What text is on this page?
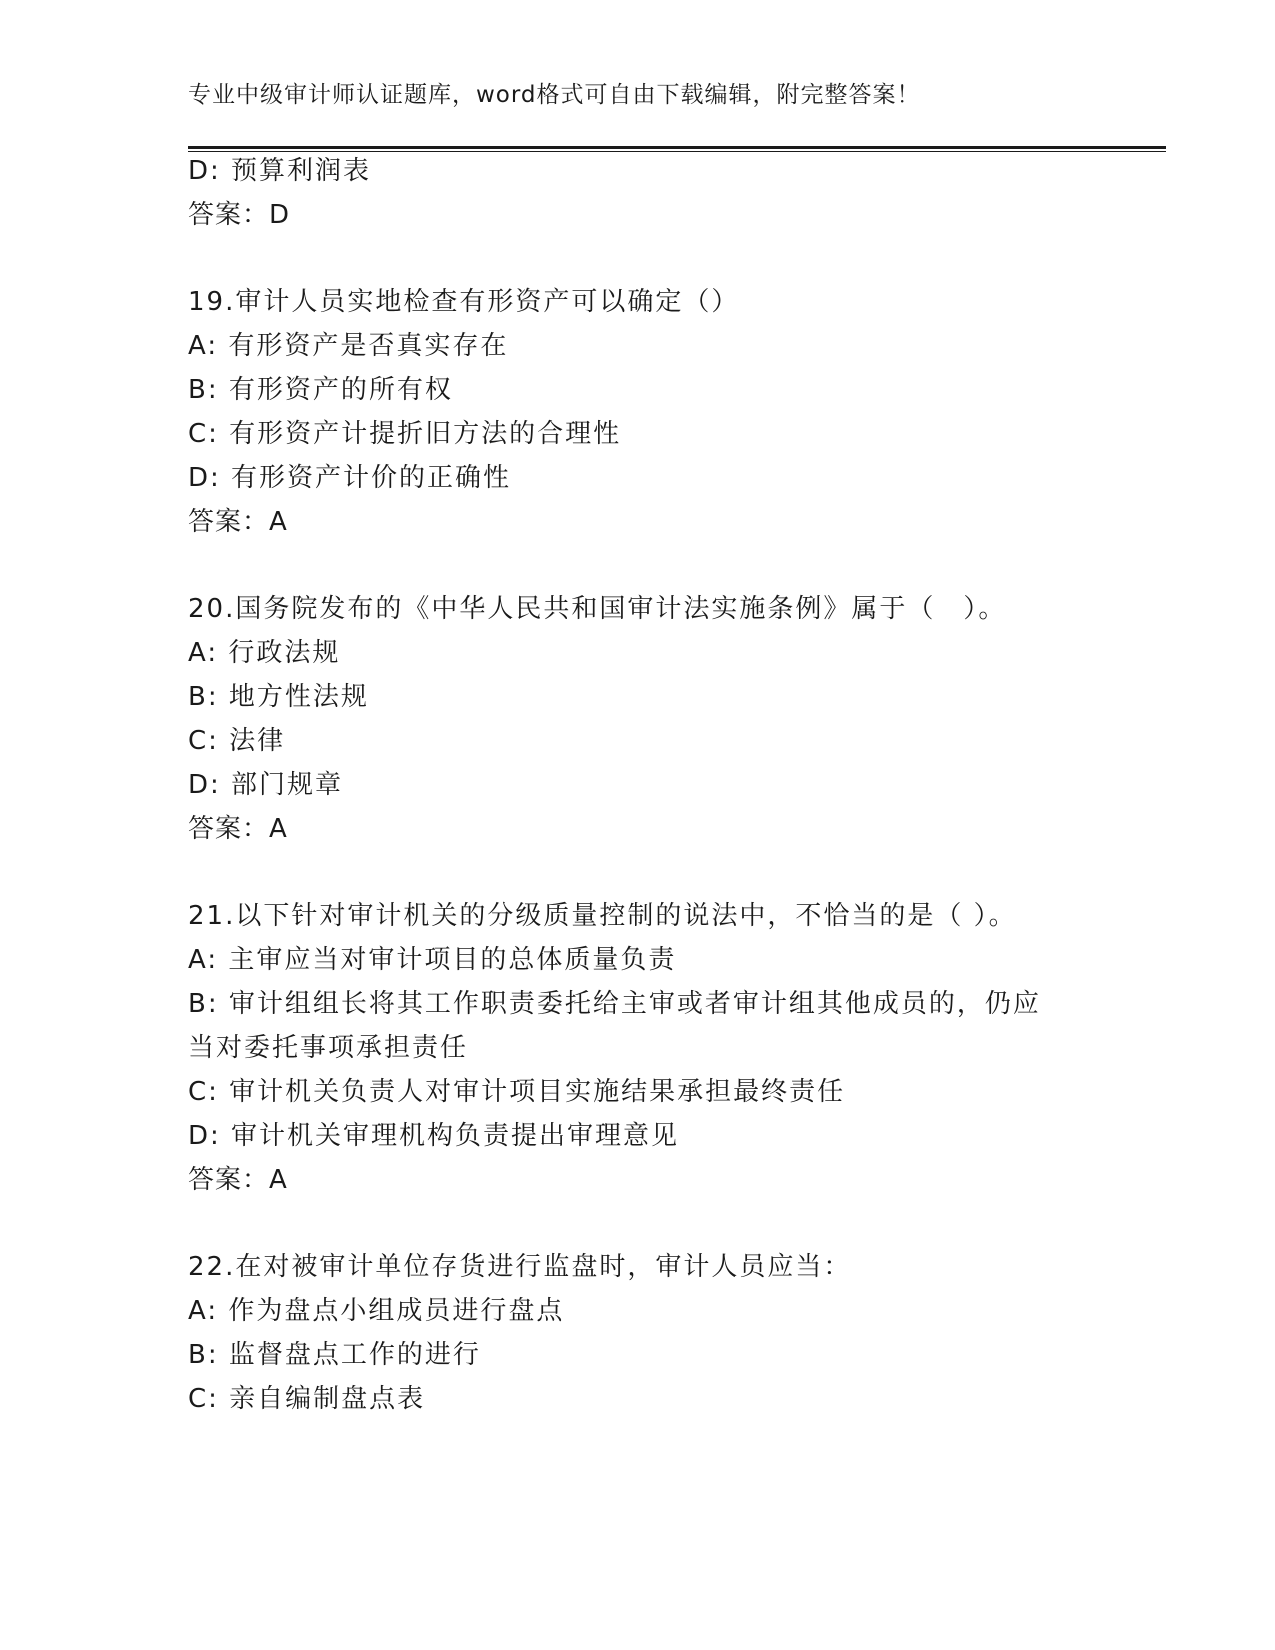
专业中级审计师认证题库，word格式可自由下载编辑，附完整答案！
D: 预算利润表
答案：D
19.审计人员实地检查有形资产可以确定（）
A: 有形资产是否真实存在
B: 有形资产的所有权
C: 有形资产计提折旧方法的合理性
D: 有形资产计价的正确性
答案：A
20.国务院发布的《中华人民共和国审计法实施条例》属于（　）。
A: 行政法规
B: 地方性法规
C: 法律
D: 部门规章
答案：A
21.以下针对审计机关的分级质量控制的说法中，不恰当的是（ ）。
A: 主审应当对审计项目的总体质量负责
B: 审计组组长将其工作职责委托给主审或者审计组其他成员的，仍应
当对委托事项承担责任
C: 审计机关负责人对审计项目实施结果承担最终责任
D: 审计机关审理机构负责提出审理意见
答案：A
22.在对被审计单位存货进行监盘时，审计人员应当：
A: 作为盘点小组成员进行盘点
B: 监督盘点工作的进行
C: 亲自编制盘点表
